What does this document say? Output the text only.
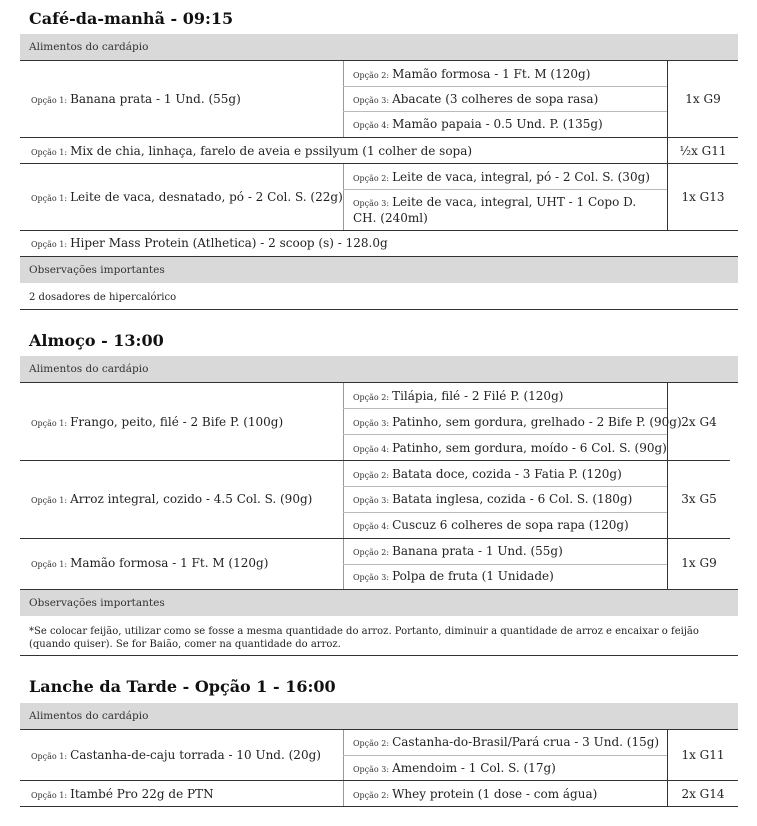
Café-da-manhã - 09:15
Alimentos do cardápio
Opção 1: Banana prata - 1 Und. (55g)
Opção 2: Mamão formosa - 1 Ft. M (120g)
Opção 3: Abacate (3 colheres de sopa rasa)
Opção 4: Mamão papaia - 0.5 Und. P. (135g)
1x G9
Opção 1: Mix de chia, linhaça, farelo de aveia e pssilyum (1 colher de sopa)	½x G11
Opção 1: Leite de vaca, desnatado, pó - 2 Col. S. (22g)
Opção 2: Leite de vaca, integral, pó - 2 Col. S. (30g)
Opção 3: Leite de vaca, integral, UHT - 1 Copo D. CH. (240ml)
1x G13
Opção 1: Hiper Mass Protein (Atlhetica) - 2 scoop (s) - 128.0g
Observações importantes
2 dosadores de hipercalórico
Almoço - 13:00
Alimentos do cardápio
Opção 1: Frango, peito, filé - 2 Bife P. (100g)
Opção 2: Tilápia, filé - 2 Filé P. (120g)
Opção 3: Patinho, sem gordura, grelhado - 2 Bife P. (90g)
Opção 4: Patinho, sem gordura, moído - 6 Col. S. (90g)
2x G4
Opção 1: Arroz integral, cozido - 4.5 Col. S. (90g)
Opção 2: Batata doce, cozida - 3 Fatia P. (120g)
Opção 3: Batata inglesa, cozida - 6 Col. S. (180g)
Opção 4: Cuscuz 6 colheres de sopa rapa (120g)
3x G5
Opção 1: Mamão formosa - 1 Ft. M (120g)
Opção 2: Banana prata - 1 Und. (55g)
Opção 3: Polpa de fruta (1 Unidade)
1x G9
Observações importantes
*Se colocar feijão, utilizar como se fosse a mesma quantidade do arroz. Portanto, diminuir a quantidade de arroz e encaixar o feijão (quando quiser). Se for Baião, comer na quantidade do arroz.
Lanche da Tarde - Opção 1 - 16:00
Alimentos do cardápio
Opção 1: Castanha-de-caju torrada - 10 Und. (20g)
Opção 2: Castanha-do-Brasil/Pará crua - 3 Und. (15g)
Opção 3: Amendoim - 1 Col. S. (17g)
1x G11
Opção 1: Itambé Pro 22g de PTN	Opção 2: Whey protein (1 dose - com água)	2x G14
